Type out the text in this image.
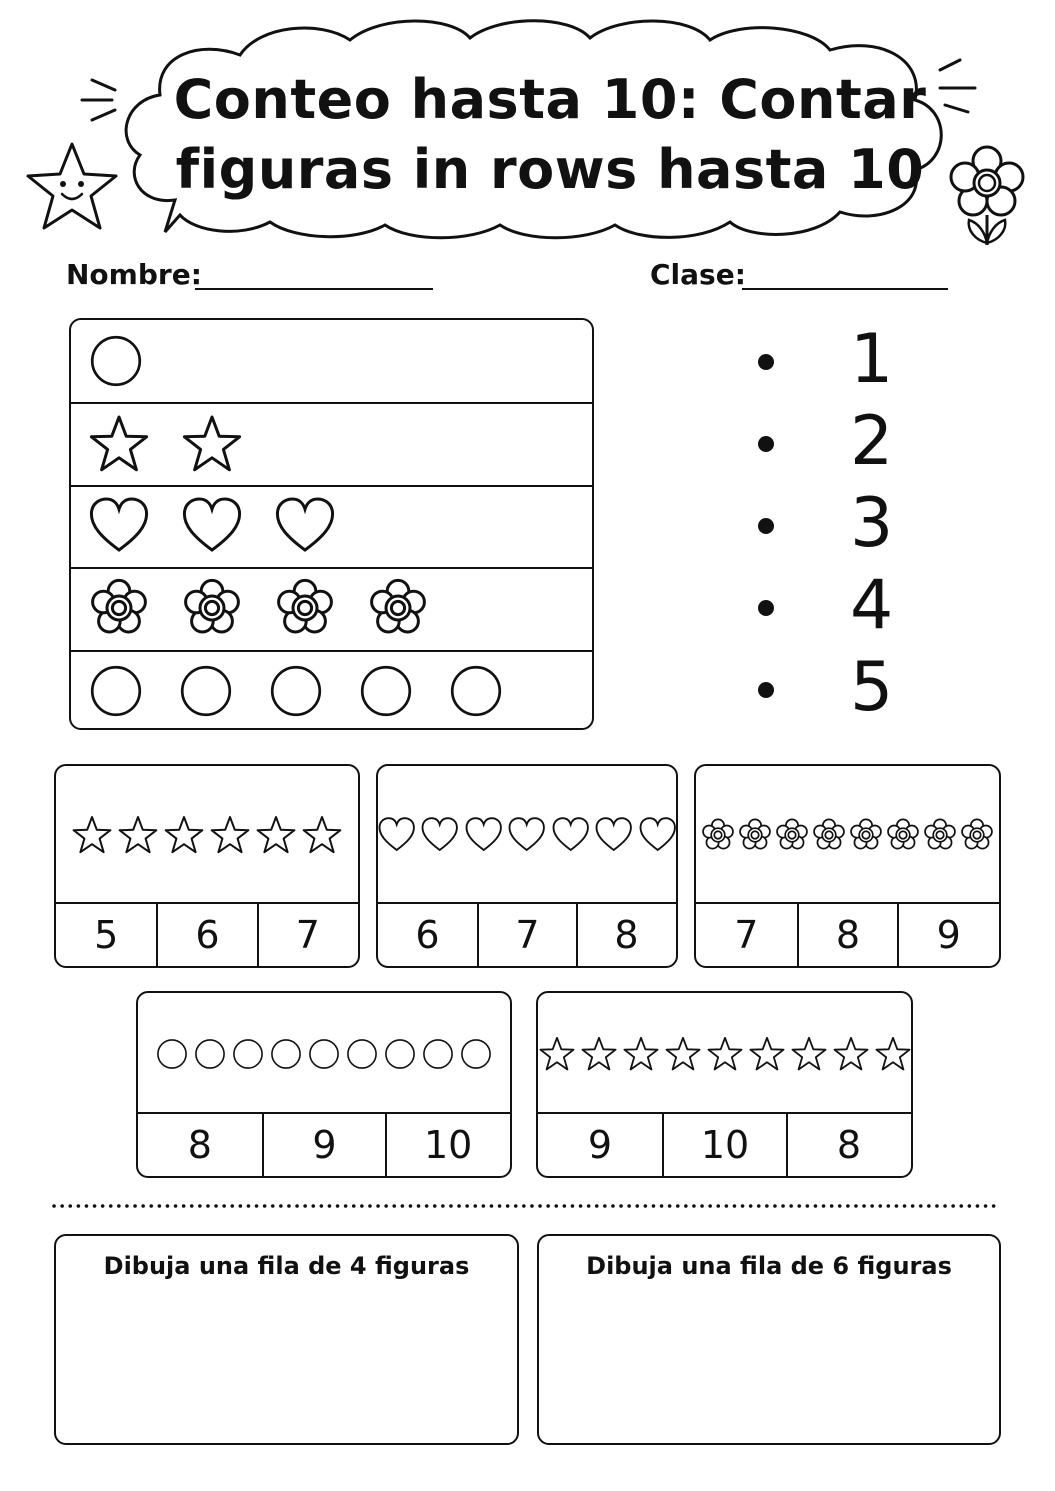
Conteo hasta 10: Contar
figuras in rows hasta 10
Nombre:	Clase:
1
2
3
4
5
5	6	7	6	7	8	7	8	9
8	9	10	9	10	8
Dibuja una fila de 4 figuras	Dibuja una fila de 6 figuras
